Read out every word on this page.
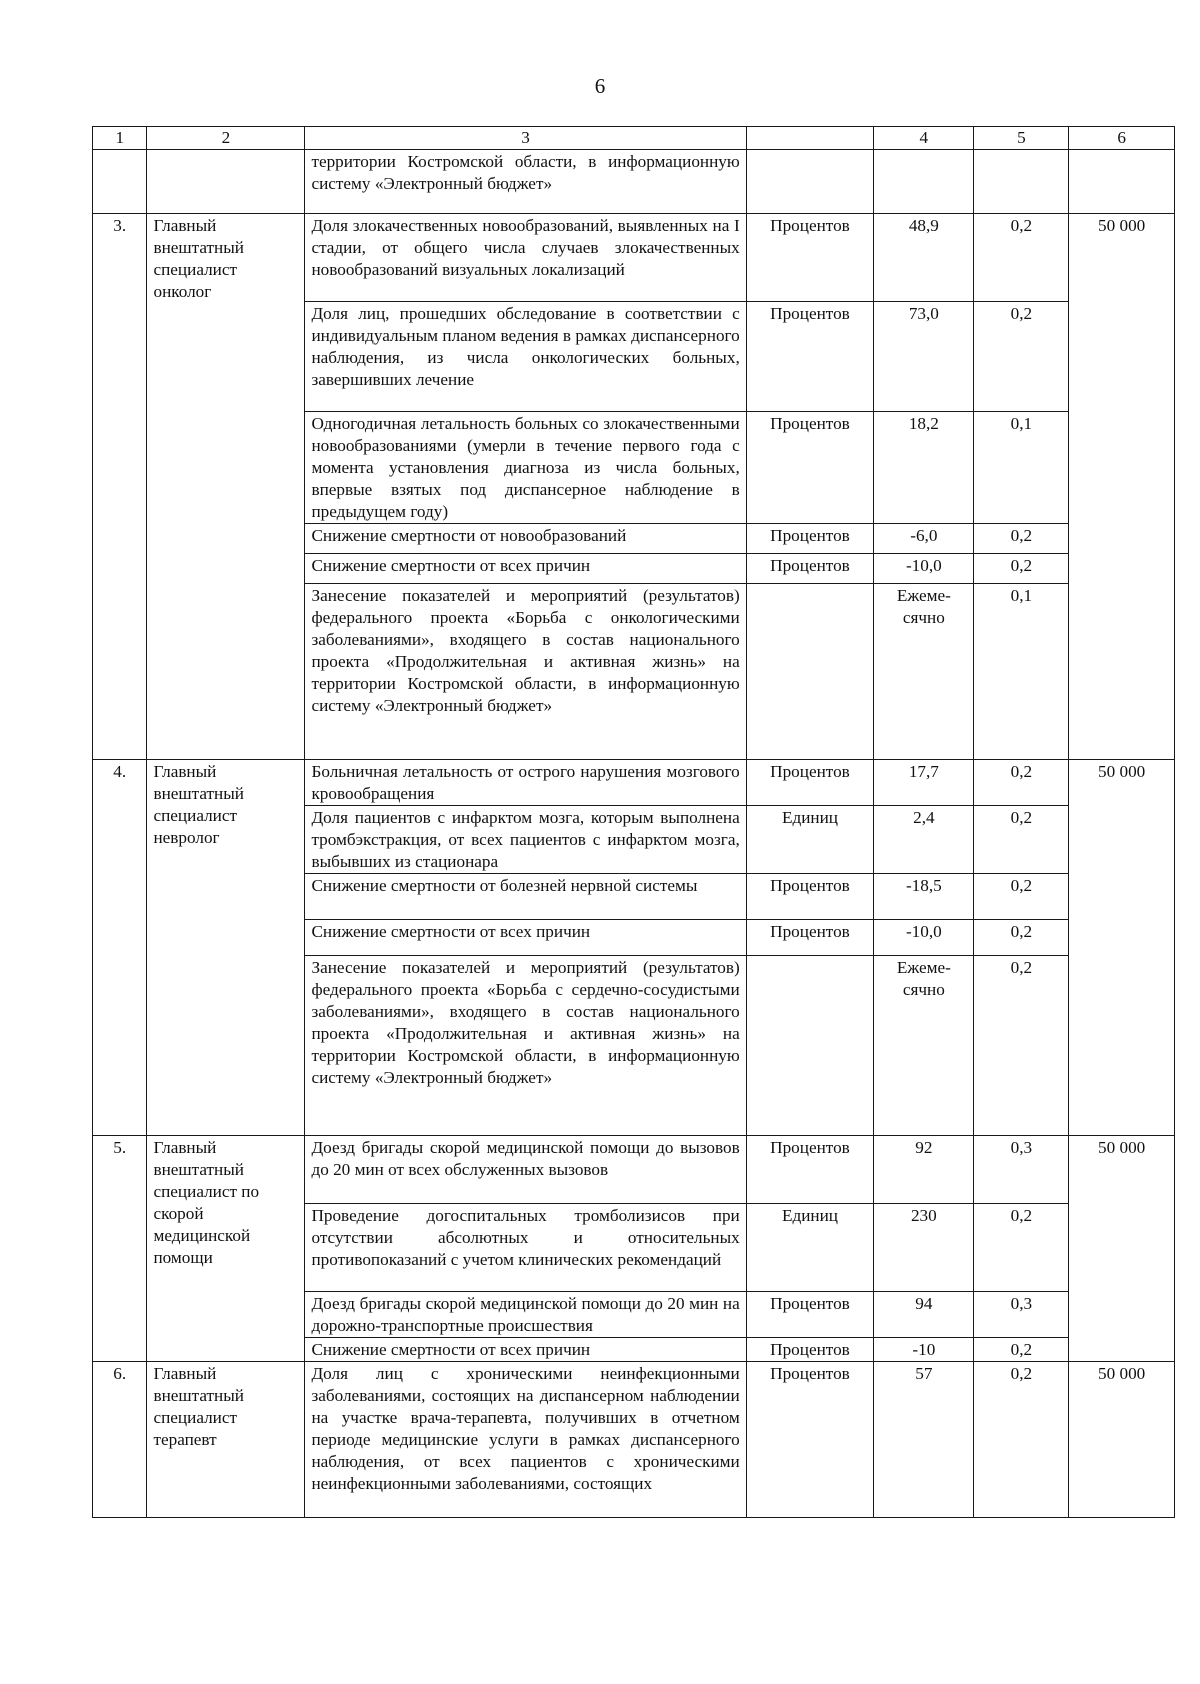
6
1	2	3		4	5	6
		территории Костромской области, в информационную систему «Электронный бюджет»				
3.	Главный внештатный специалист онколог	Доля злокачественных новообразований, выявленных на I стадии, от общего числа случаев злокачественных новообразований визуальных локализаций	Процентов	48,9	0,2	50 000
		Доля лиц, прошедших обследование в соответствии с индивидуальным планом ведения в рамках диспансерного наблюдения, из числа онкологических больных, завершивших лечение	Процентов	73,0	0,2	
		Одногодичная летальность больных со злокачественными новообразованиями (умерли в течение первого года с момента установления диагноза из числа больных, впервые взятых под диспансерное наблюдение в предыдущем году)	Процентов	18,2	0,1	
		Снижение смертности от новообразований	Процентов	-6,0	0,2	
		Снижение смертности от всех причин	Процентов	-10,0	0,2	
		Занесение показателей и мероприятий (результатов) федерального проекта «Борьба с онкологическими заболеваниями», входящего в состав национального проекта «Продолжительная и активная жизнь» на территории Костромской области, в информационную систему «Электронный бюджет»		Ежеме-сячно	0,1	
4.	Главный внештатный специалист невролог	Больничная летальность от острого нарушения мозгового кровообращения	Процентов	17,7	0,2	50 000
		Доля пациентов с инфарктом мозга, которым выполнена тромбэкстракция, от всех пациентов с инфарктом мозга, выбывших из стационара	Единиц	2,4	0,2	
		Снижение смертности от болезней нервной системы	Процентов	-18,5	0,2	
		Снижение смертности от всех причин	Процентов	-10,0	0,2	
		Занесение показателей и мероприятий (результатов) федерального проекта «Борьба с сердечно-сосудистыми заболеваниями», входящего в состав национального проекта «Продолжительная и активная жизнь» на территории Костромской области, в информационную систему «Электронный бюджет»		Ежеме-сячно	0,2	
5.	Главный внештатный специалист по скорой медицинской помощи	Доезд бригады скорой медицинской помощи до вызовов до 20 мин от всех обслуженных вызовов	Процентов	92	0,3	50 000
		Проведение догоспитальных тромболизисов при отсутствии абсолютных и относительных противопоказаний с учетом клинических рекомендаций	Единиц	230	0,2	
		Доезд бригады скорой медицинской помощи до 20 мин на дорожно-транспортные происшествия	Процентов	94	0,3	
		Снижение смертности от всех причин	Процентов	-10	0,2	
6.	Главный внештатный специалист терапевт	Доля лиц с хроническими неинфекционными заболеваниями, состоящих на диспансерном наблюдении на участке врача-терапевта, получивших в отчетном периоде медицинские услуги в рамках диспансерного наблюдения, от всех пациентов с хроническими неинфекционными заболеваниями, состоящих	Процентов	57	0,2	50 000
